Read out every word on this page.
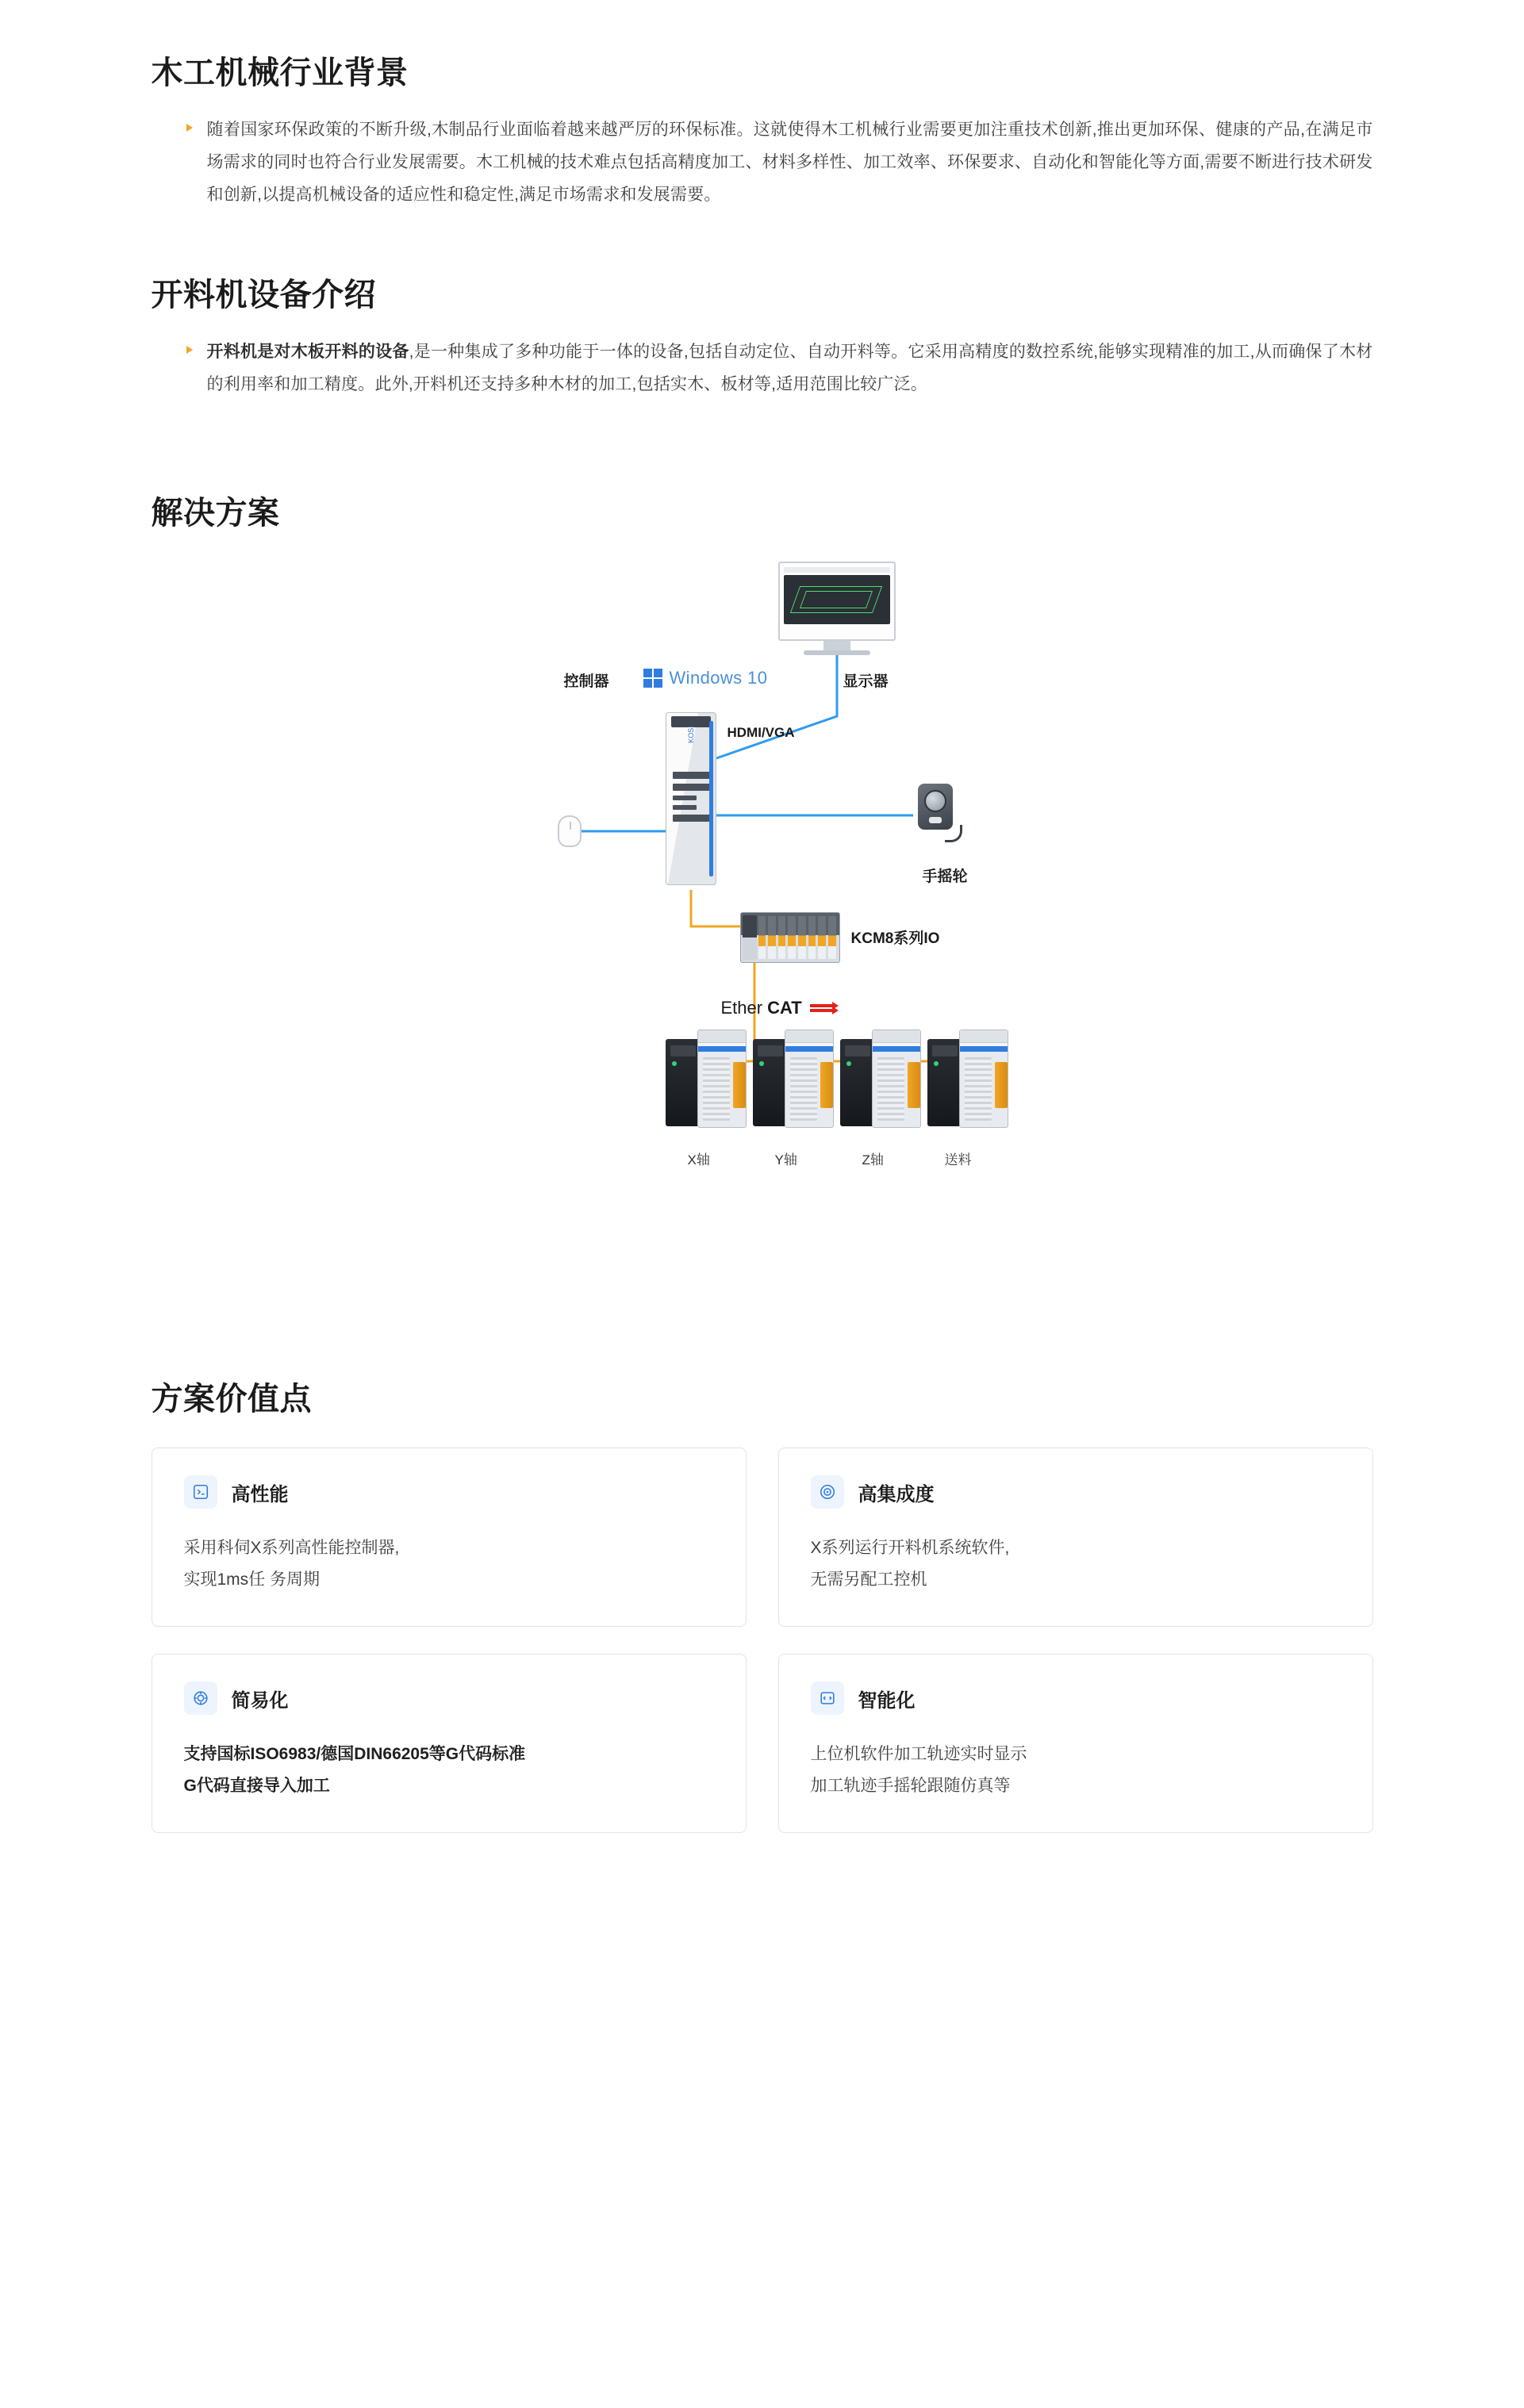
木工机械行业背景
随着国家环保政策的不断升级,木制品行业面临着越来越严厉的环保标准。这就使得木工机械行业需要更加注重技术创新,推出更加环保、健康的产品,在满足市场需求的同时也符合行业发展需要。木工机械的技术难点包括高精度加工、材料多样性、加工效率、环保要求、自动化和智能化等方面,需要不断进行技术研发和创新,以提高机械设备的适应性和稳定性,满足市场需求和发展需要。
开料机设备介绍
开料机是对木板开料的设备,是一种集成了多种功能于一体的设备,包括自动定位、自动开料等。它采用高精度的数控系统,能够实现精准的加工,从而确保了木材的利用率和加工精度。此外,开料机还支持多种木材的加工,包括实木、板材等,适用范围比较广泛。
解决方案
KOSI
Windows 10
Ether CAT
控制器	显示器
HDMI/VGA
手摇轮
KCM8系列IO
X轴	Y轴	Z轴	送料
方案价值点
高性能
采用科伺X系列高性能控制器,
实现1ms任 务周期
高集成度
X系列运行开料机系统软件,
无需另配工控机
简易化
支持国标ISO6983/德国DIN66205等G代码标准
G代码直接导入加工
智能化
上位机软件加工轨迹实时显示
加工轨迹手摇轮跟随仿真等
